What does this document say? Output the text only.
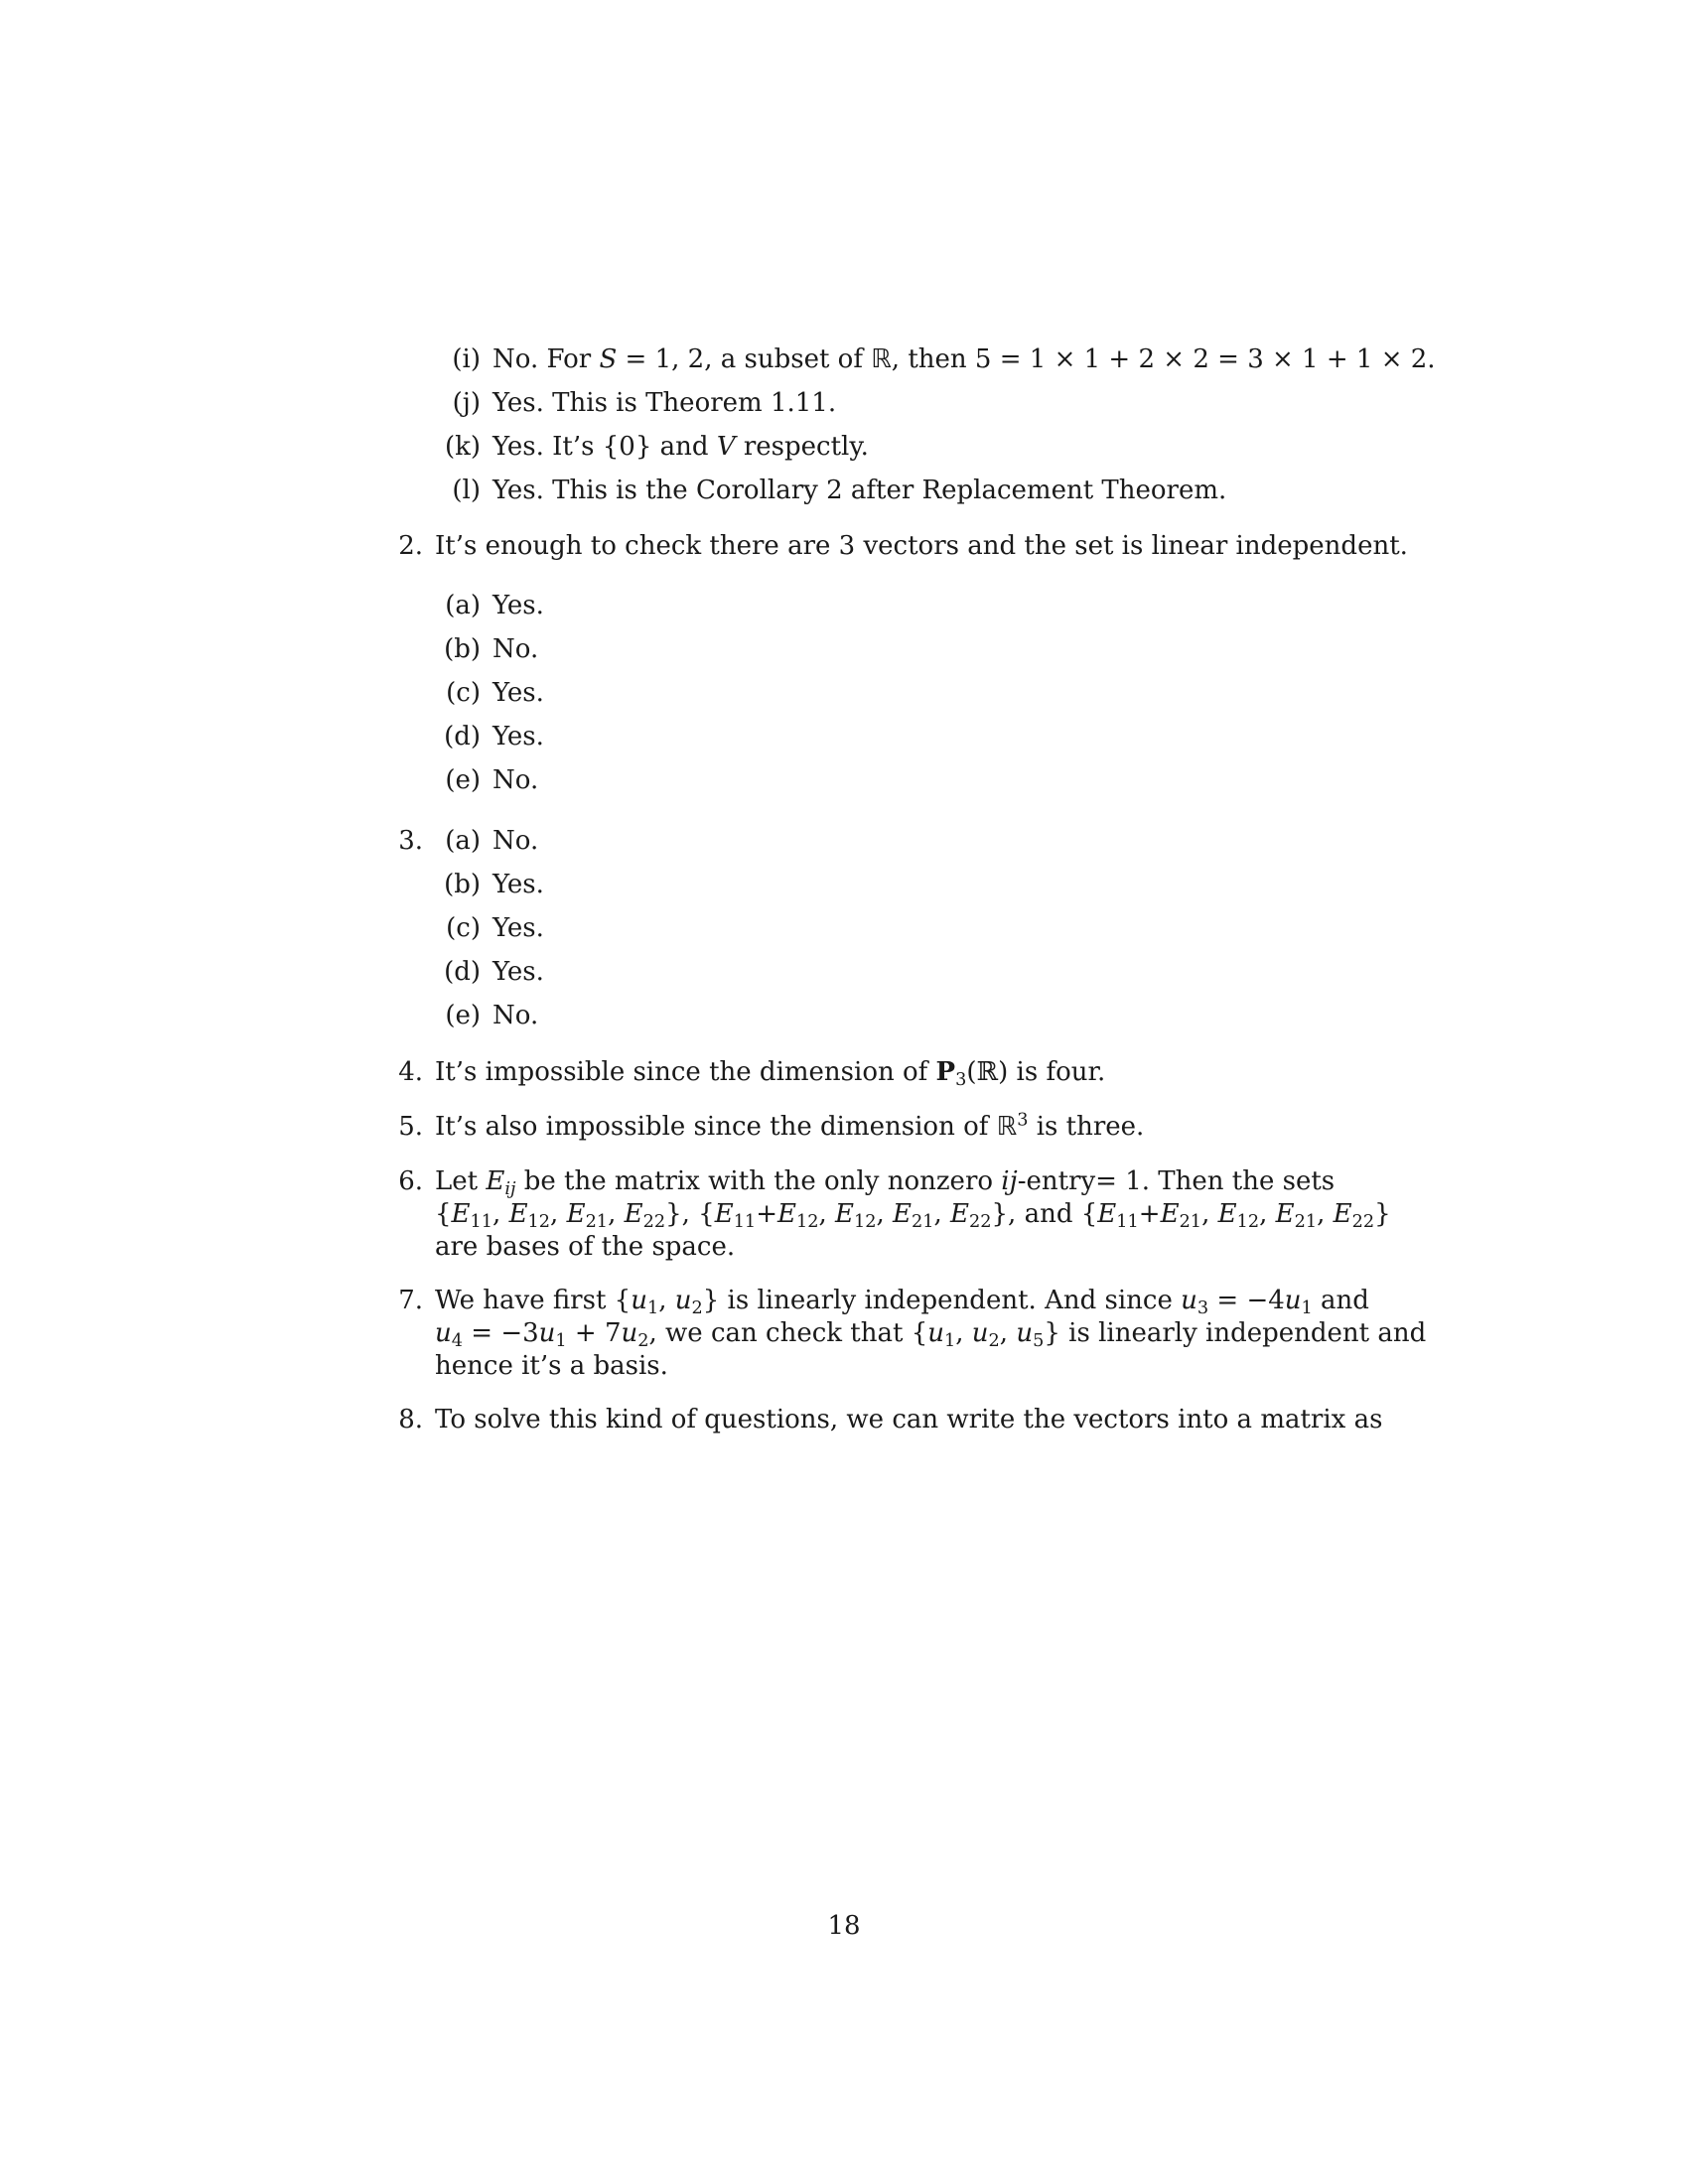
(i) No. For S = 1, 2, a subset of ℝ, then 5 = 1 × 1 + 2 × 2 = 3 × 1 + 1 × 2.
(j) Yes. This is Theorem 1.11.
(k) Yes. It’s {0} and V respectly.
(l) Yes. This is the Corollary 2 after Replacement Theorem.
2. It’s enough to check there are 3 vectors and the set is linear independent.
(a) Yes.
(b) No.
(c) Yes.
(d) Yes.
(e) No.
3. (a) No.
(b) Yes.
(c) Yes.
(d) Yes.
(e) No.
4. It’s impossible since the dimension of $P_3(ℝ)$ is four.
5. It’s also impossible since the dimension of ℝ$^3$ is three.
6. Let $E_{ij}$ be the matrix with the only nonzero ij-entry= 1. Then the sets
{$E_{11}$, $E_{12}$, $E_{21}$, $E_{22}$}, {$E_{11}+E_{12}$, $E_{12}$, $E_{21}$, $E_{22}$}, and {$E_{11}+E_{21}$, $E_{12}$, $E_{21}$, $E_{22}$}
are bases of the space.
7. We have first {$u_1$, $u_2$} is linearly independent. And since $u_3 = -4u_1$ and
$u_4 = -3u_1 + 7u_2$, we can check that {$u_1$, $u_2$, $u_5$} is linearly independent and
hence it’s a basis.
8. To solve this kind of questions, we can write the vectors into a matrix as
18
